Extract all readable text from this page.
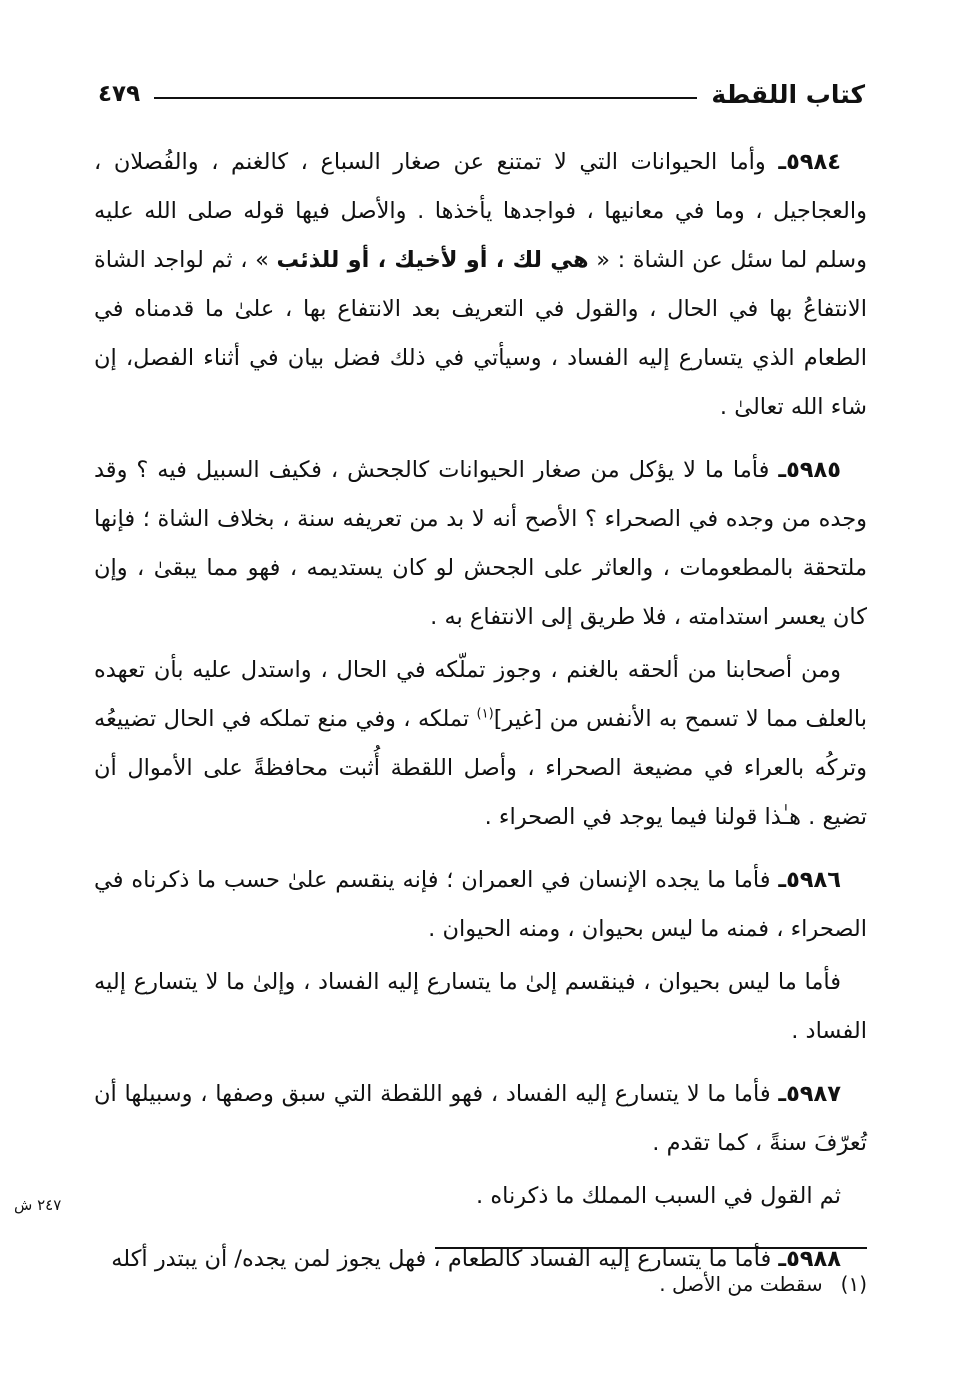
كتاب اللقطة
٤٧٩

٥٩٨٤ـ وأما الحيوانات التي لا تمتنع عن صغار السباع ، كالغنم ، والفُصلان ، والعجاجيل ، وما في معانيها ، فواجدها يأخذها . والأصل فيها قوله صلى الله عليه وسلم لما سئل عن الشاة : « هي لك ، أو لأخيك ، أو للذئب » ، ثم لواجد الشاة الانتفاعُ بها في الحال ، والقول في التعريف بعد الانتفاع بها ، علىٰ ما قدمناه في الطعام الذي يتسارع إليه الفساد ، وسيأتي في ذلك فضل بيان في أثناء الفصل، إن شاء الله تعالىٰ .

٥٩٨٥ـ فأما ما لا يؤكل من صغار الحيوانات كالجحش ، فكيف السبيل فيه ؟ وقد وجده من وجده في الصحراء ؟ الأصح أنه لا بد من تعريفه سنة ، بخلاف الشاة ؛ فإنها ملتحقة بالمطعومات ، والعاثر على الجحش لو كان يستديمه ، فهو مما يبقىٰ ، وإن كان يعسر استدامته ، فلا طريق إلى الانتفاع به .

ومن أصحابنا من ألحقه بالغنم ، وجوز تملّكه في الحال ، واستدل عليه بأن تعهده بالعلف مما لا تسمح به الأنفس من [غير]$^{(١)}$ تملكه ، وفي منع تملكه في الحال تضييعُه وتركُه بالعراء في مضيعة الصحراء ، وأصل اللقطة أُثبت محافظةً على الأموال أن تضيع . هـٰذا قولنا فيما يوجد في الصحراء .

٥٩٨٦ـ فأما ما يجده الإنسان في العمران ؛ فإنه ينقسم علىٰ حسب ما ذكرناه في الصحراء ، فمنه ما ليس بحيوان ، ومنه الحيوان .

فأما ما ليس بحيوان ، فينقسم إلىٰ ما يتسارع إليه الفساد ، وإلىٰ ما لا يتسارع إليه الفساد .

٥٩٨٧ـ فأما ما لا يتسارع إليه الفساد ، فهو اللقطة التي سبق وصفها ، وسبيلها أن تُعرّفَ سنةً ، كما تقدم .

ثم القول في السبب المملك ما ذكرناه .

٥٩٨٨ـ فأما ما يتسارع إليه الفساد كالطعام ، فهل يجوز لمن يجده/ أن يبتدر أكله

٢٤٧ ش
(١)سقطت من الأصل .
